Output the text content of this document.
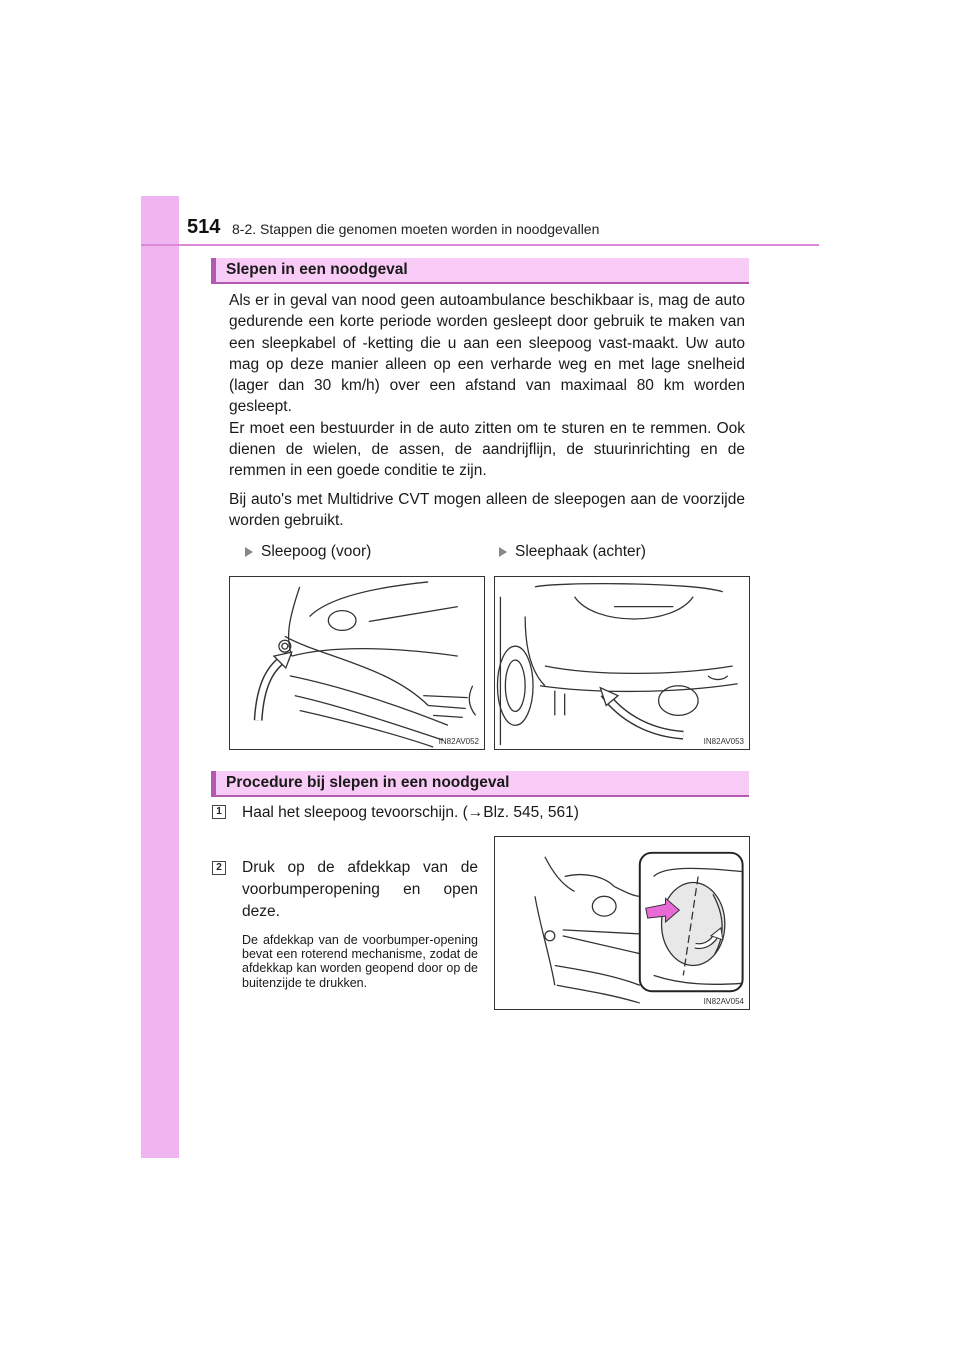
514 8-2. Stappen die genomen moeten worden in noodgevallen
Slepen in een noodgeval

Als er in geval van nood geen autoambulance beschikbaar is, mag de auto gedurende een korte periode worden gesleept door gebruik te maken van een sleepkabel of -ketting die u aan een sleepoog vast-maakt. Uw auto mag op deze manier alleen op een verharde weg en met lage snelheid (lager dan 30 km/h) over een afstand van maximaal 80 km worden gesleept.

Er moet een bestuurder in de auto zitten om te sturen en te remmen. Ook dienen de wielen, de assen, de aandrijflijn, de stuurinrichting en de remmen in een goede conditie te zijn.

Bij auto's met Multidrive CVT mogen alleen de sleepogen aan de voorzijde worden gebruikt.

Sleepoog (voor)	Sleephaak (achter)
IN82AV052	IN82AV053
Procedure bij slepen in een noodgeval
1 Haal het sleepoog tevoorschijn. (→Blz. 545, 561)
2 Druk op de afdekkap van de voorbumperopening en open deze.
De afdekkap van de voorbumper-opening bevat een roterend mechanisme, zodat de afdekkap kan worden geopend door op de buitenzijde te drukken.
IN82AV054
